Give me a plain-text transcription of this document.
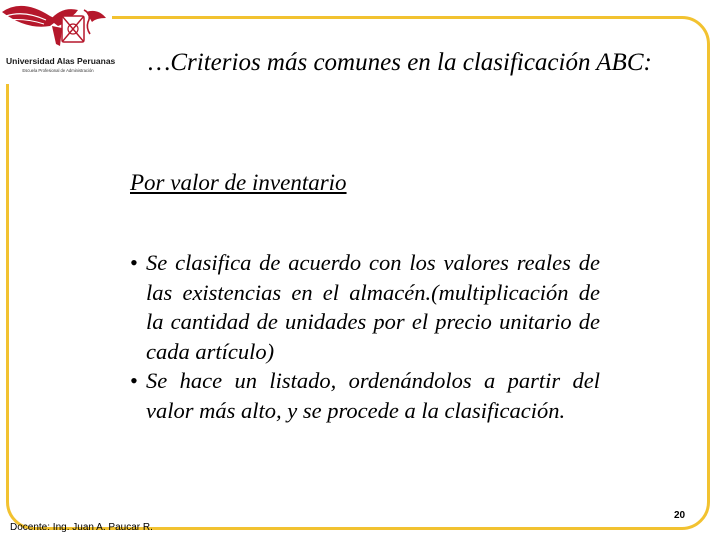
Universidad Alas Peruanas
Escuela Profesional de Administración	…Criterios más comunes en la clasificación ABC:
Por valor de inventario
• Se clasifica de acuerdo con los valores reales de las existencias en el almacén.(multiplicación de la cantidad de unidades por el precio unitario de cada artículo)
• Se hace un listado, ordenándolos a partir del valor más alto, y se procede a la clasificación.
Docente: Ing. Juan A. Paucar R.
20
